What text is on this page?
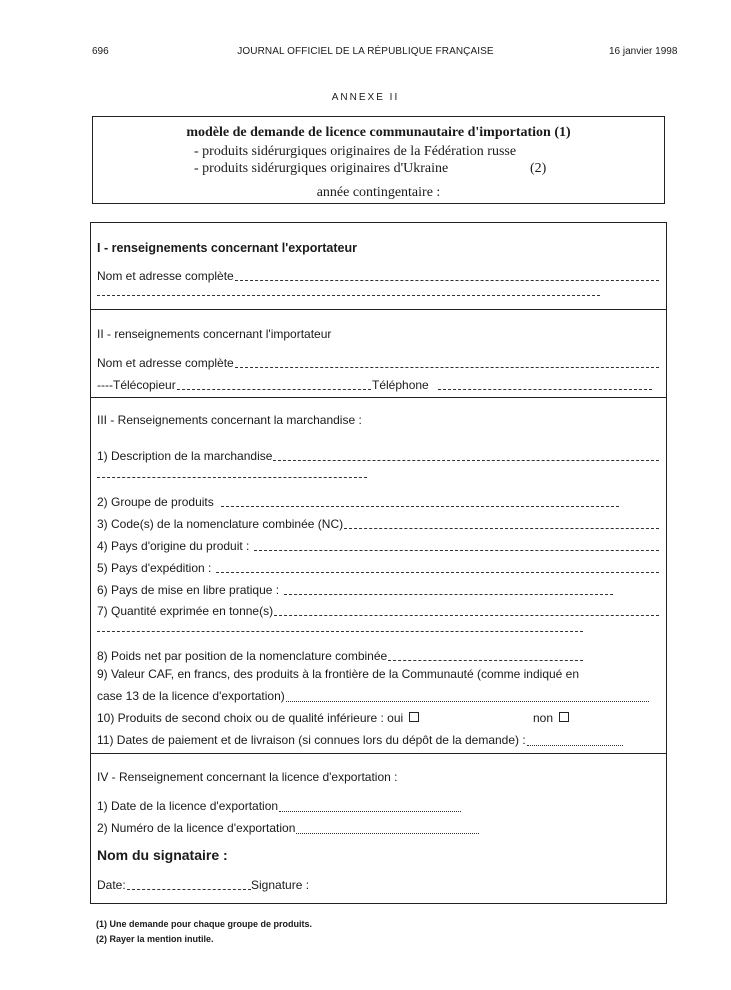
696	JOURNAL OFFICIEL DE LA RÉPUBLIQUE FRANÇAISE	16 janvier 1998
ANNEXE II
modèle de demande de licence communautaire d'importation (1)
- produits sidérurgiques originaires de la Fédération russe
- produits sidérurgiques originaires d'Ukraine	(2)
année contingentaire :
I - renseignements concernant l'exportateur
Nom et adresse complète
II - renseignements concernant l'importateur
Nom et adresse complète
----Télécopieur	Téléphone
III - Renseignements concernant la marchandise :
1) Description de la marchandise
2) Groupe de produits
3) Code(s) de la nomenclature combinée (NC)
4) Pays d'origine du produit :
5) Pays d'expédition :
6) Pays de mise en libre pratique :
7) Quantité exprimée en tonne(s)
8) Poids net par position de la nomenclature combinée
9) Valeur CAF, en francs, des produits à la frontière de la Communauté (comme indiqué en
case 13 de la licence d'exportation)
10) Produits de second choix ou de qualité inférieure : oui	non
11) Dates de paiement et de livraison (si connues lors du dépôt de la demande) :
IV - Renseignement concernant la licence d'exportation :
1) Date de la licence d'exportation
2) Numéro de la licence d'exportation
Nom du signataire :
Date:	Signature :
(1) Une demande pour chaque groupe de produits.
(2) Rayer la mention inutile.
